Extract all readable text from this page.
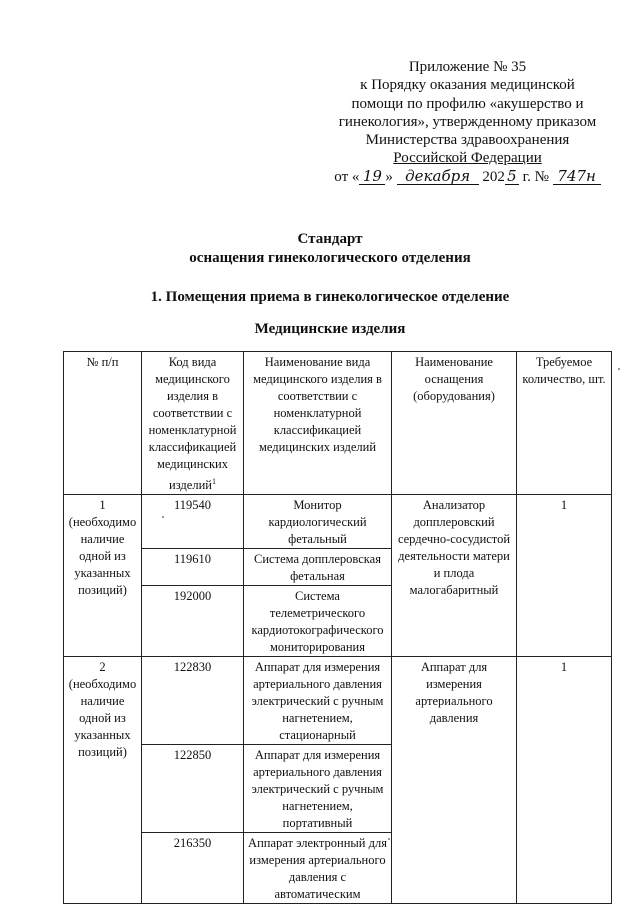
Приложение № 35
к Порядку оказания медицинской
помощи по профилю «акушерство и
гинекология», утвержденному приказом
Министерства здравоохранения
Российской Федерации
от « 19 » декабря 202 5 г. № 747н
Стандарт
оснащения гинекологического отделения
1. Помещения приема в гинекологическое отделение
Медицинские изделия
№ п/п	Код вида медицинского изделия в соответствии с номенклатурной классификацией медицинских изделий$^1$	Наименование вида медицинского изделия в соответствии с номенклатурной классификацией медицинских изделий	Наименование оснащения (оборудования)	Требуемое количество, шт.
1 (необходимо наличие одной из указанных позиций)	119540	Монитор кардиологический фетальный	Анализатор допплеровский сердечно-сосудистой деятельности матери и плода малогабаритный	1
	119610	Система допплеровская фетальная		
	192000	Система телеметрического кардиотокографического мониторирования		
2 (необходимо наличие одной из указанных позиций)	122830	Аппарат для измерения артериального давления электрический с ручным нагнетением, стационарный	Аппарат для измерения артериального давления	1
	122850	Аппарат для измерения артериального давления электрический с ручным нагнетением, портативный		
	216350	Аппарат электронный для измерения артериального давления с автоматическим		
